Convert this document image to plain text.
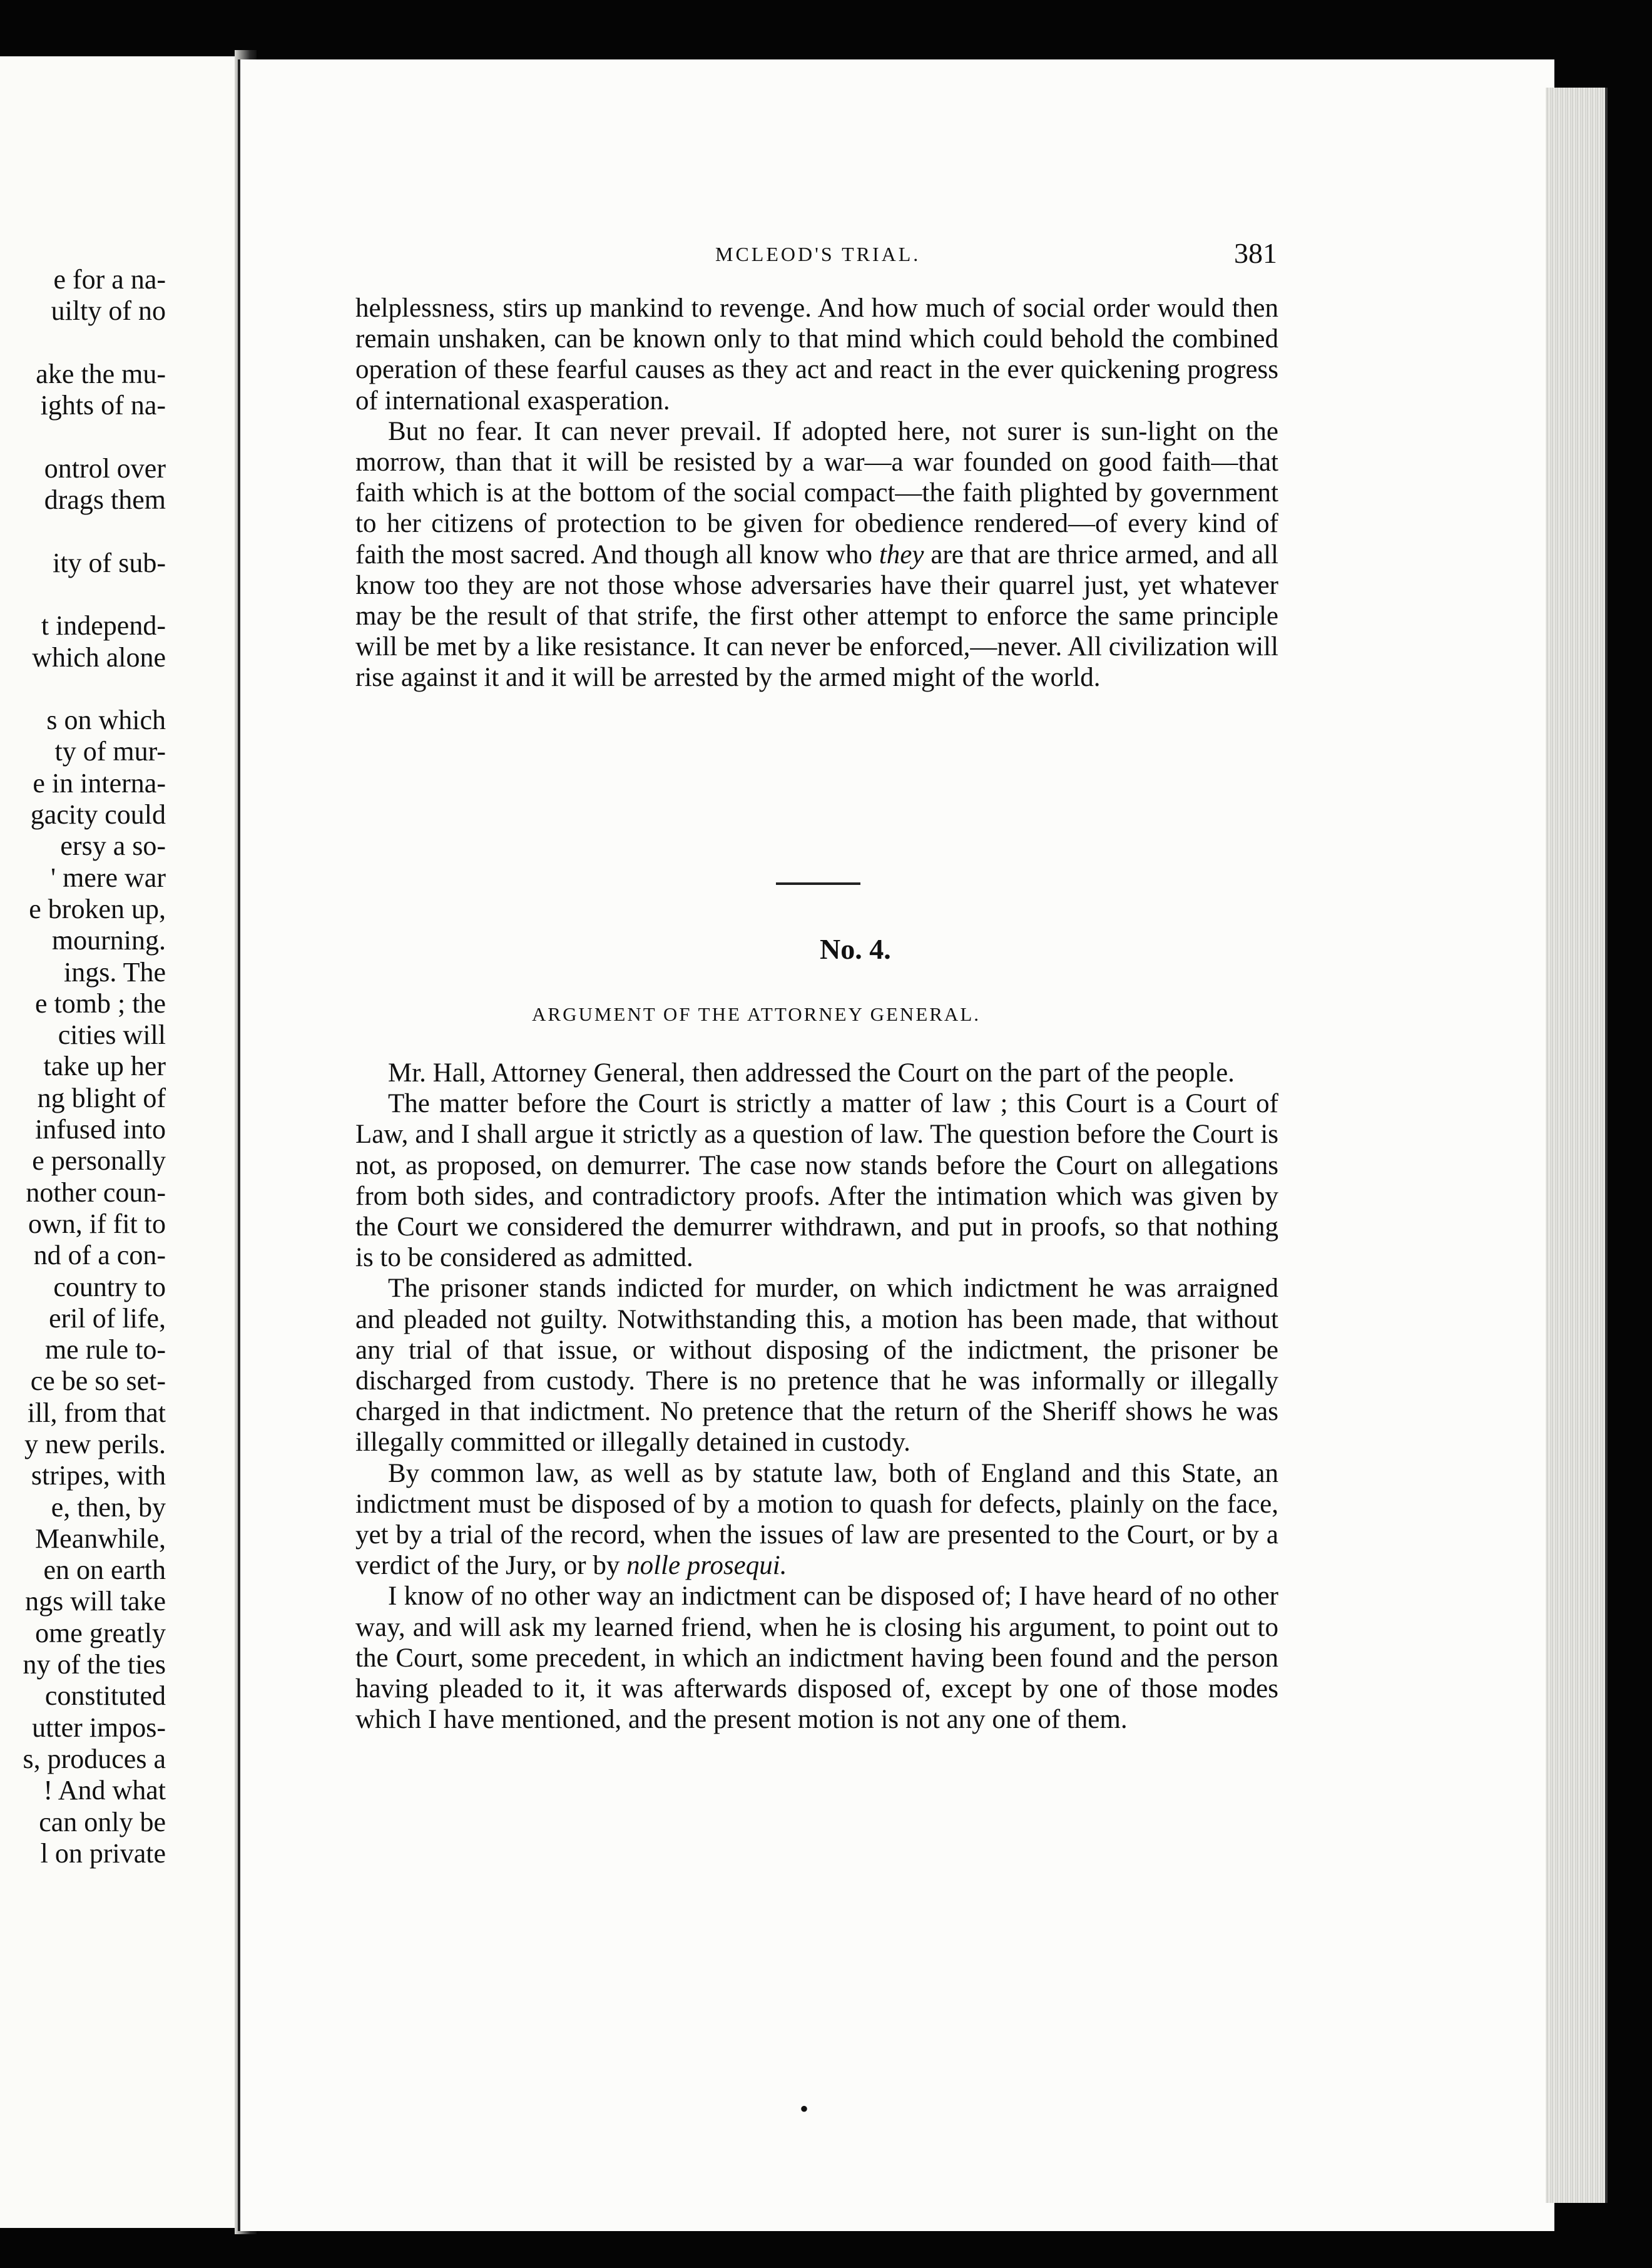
e for a na-
uilty of no
ake the mu-
ights of na-
ontrol over
drags them
ity of sub-
t independ-
which alone
s on which
ty of mur-
e in interna-
gacity could
ersy a so-
' mere war
e broken up,
mourning.
ings. The
e tomb ; the
cities will
take up her
ng blight of
infused into
e personally
nother coun-
own, if fit to
nd of a con-
country to
eril of life,
me rule to-
ce be so set-
ill, from that
y new perils.
stripes, with
e, then, by
Meanwhile,
en on earth
ngs will take
ome greatly
ny of the ties
constituted
utter impos-
s, produces a
! And what
can only be
l on private
MCLEOD'S TRIAL.	381

helplessness, stirs up mankind to revenge. And how much of social order would then remain unshaken, can be known only to that mind which could behold the combined operation of these fearful causes as they act and react in the ever quickening progress of international exasperation.

But no fear. It can never prevail. If adopted here, not surer is sun-light on the morrow, than that it will be resisted by a war—a war founded on good faith—that faith which is at the bottom of the social compact—the faith plighted by government to her citizens of protection to be given for obedience rendered—of every kind of faith the most sacred. And though all know who they are that are thrice armed, and all know too they are not those whose adversaries have their quarrel just, yet whatever may be the result of that strife, the first other attempt to enforce the same principle will be met by a like resistance. It can never be enforced,—never. All civilization will rise against it and it will be arrested by the armed might of the world.

No. 4.
ARGUMENT OF THE ATTORNEY GENERAL.

Mr. Hall, Attorney General, then addressed the Court on the part of the people.

The matter before the Court is strictly a matter of law ; this Court is a Court of Law, and I shall argue it strictly as a question of law. The question before the Court is not, as proposed, on demurrer. The case now stands before the Court on allegations from both sides, and contradictory proofs. After the intimation which was given by the Court we considered the demurrer withdrawn, and put in proofs, so that nothing is to be considered as admitted.

The prisoner stands indicted for murder, on which indictment he was arraigned and pleaded not guilty. Notwithstanding this, a motion has been made, that without any trial of that issue, or without disposing of the indictment, the prisoner be discharged from custody. There is no pretence that he was informally or illegally charged in that indictment. No pretence that the return of the Sheriff shows he was illegally committed or illegally detained in custody.

By common law, as well as by statute law, both of England and this State, an indictment must be disposed of by a motion to quash for defects, plainly on the face, yet by a trial of the record, when the issues of law are presented to the Court, or by a verdict of the Jury, or by nolle prosequi.

I know of no other way an indictment can be disposed of; I have heard of no other way, and will ask my learned friend, when he is closing his argument, to point out to the Court, some precedent, in which an indictment having been found and the person having pleaded to it, it was afterwards disposed of, except by one of those modes which I have mentioned, and the present motion is not any one of them.

•
